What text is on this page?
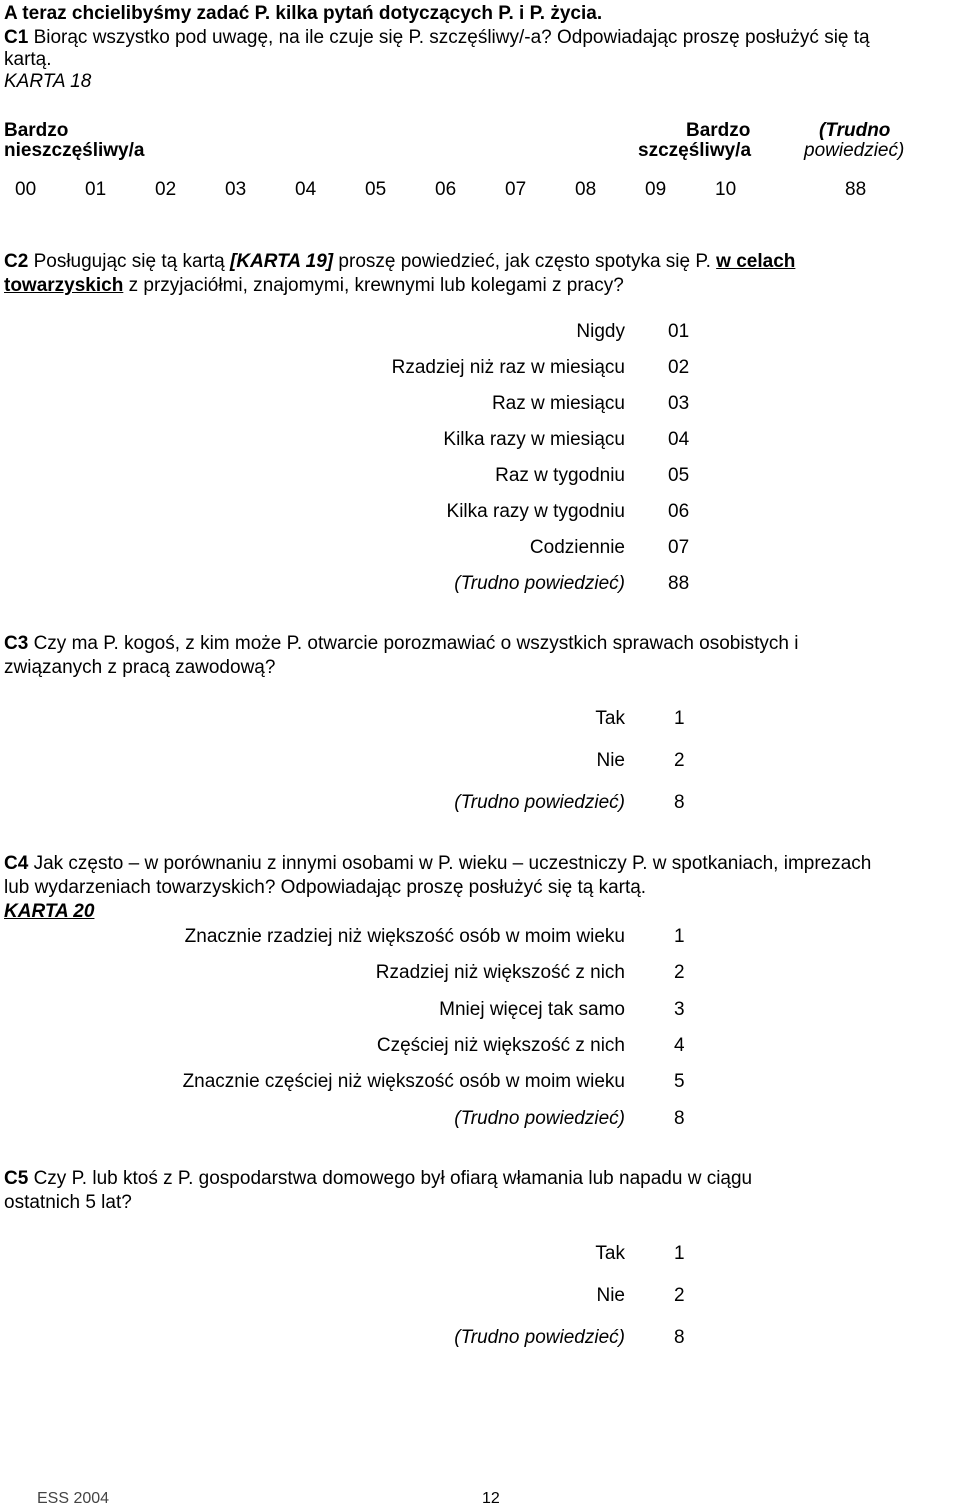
A teraz chcielibyśmy zadać P. kilka pytań dotyczących P. i P. życia.
C1 Biorąc wszystko pod uwagę, na ile czuje się P. szczęśliwy/-a? Odpowiadając proszę posłużyć się tą
kartą.
KARTA 18
Bardzo
nieszczęśliwy/a
Bardzo
szczęśliwy/a
(Trudno
powiedzieć)
00	01	02	03	04	05	06	07	08	09	10	88
C2 Posługując się tą kartą [KARTA 19] proszę powiedzieć, jak często spotyka się P. w celach
towarzyskich z przyjaciółmi, znajomymi, krewnymi lub kolegami z pracy?
Nigdy 01
Rzadziej niż raz w miesiącu 02
Raz w miesiącu 03
Kilka razy w miesiącu 04
Raz w tygodniu 05
Kilka razy w tygodniu 06
Codziennie 07
(Trudno powiedzieć) 88
C3 Czy ma P. kogoś, z kim może P. otwarcie porozmawiać o wszystkich sprawach osobistych i
związanych z pracą zawodową?
Tak	1
Nie	2
(Trudno powiedzieć)	8
C4 Jak często – w porównaniu z innymi osobami w P. wieku – uczestniczy P. w spotkaniach, imprezach
lub wydarzeniach towarzyskich? Odpowiadając proszę posłużyć się tą kartą.
KARTA 20
Znacznie rzadziej niż większość osób w moim wieku	1
Rzadziej niż większość z nich	2
Mniej więcej tak samo	3
Częściej niż większość z nich	4
Znacznie częściej niż większość osób w moim wieku	5
(Trudno powiedzieć)	8
C5 Czy P. lub ktoś z P. gospodarstwa domowego był ofiarą włamania lub napadu w ciągu
ostatnich 5 lat?
Tak	1
Nie	2
(Trudno powiedzieć)	8
ESS 2004	12
